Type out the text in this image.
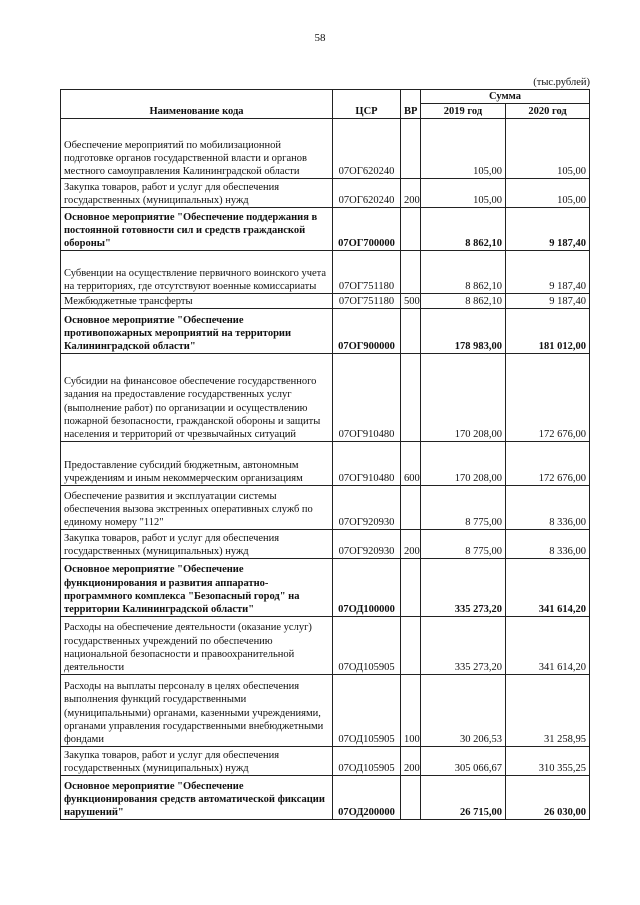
58
(тыс.рублей)
Наименование кода	ЦСР	ВР	Сумма	
			2019 год	2020 год
Обеспечение мероприятий по мобилизационной подготовке органов государственной власти и органов местного самоуправления Калининградской области	07ОГ620240		105,00	105,00
Закупка товаров, работ и услуг для обеспечения государственных (муниципальных) нужд	07ОГ620240	200	105,00	105,00
Основное мероприятие "Обеспечение поддержания в постоянной готовности сил и средств гражданской обороны"	07ОГ700000		8 862,10	9 187,40
Субвенции на осуществление первичного воинского учета на территориях, где отсутствуют военные комиссариаты	07ОГ751180		8 862,10	9 187,40
Межбюджетные трансферты	07ОГ751180	500	8 862,10	9 187,40
Основное мероприятие "Обеспечение противопожарных мероприятий на территории Калининградской области"	07ОГ900000		178 983,00	181 012,00
Субсидии на финансовое обеспечение государственного задания на предоставление государственных услуг (выполнение работ) по организации и осуществлению пожарной безопасности, гражданской обороны и защиты населения и территорий от чрезвычайных ситуаций	07ОГ910480		170 208,00	172 676,00
Предоставление субсидий бюджетным, автономным учреждениям и иным некоммерческим организациям	07ОГ910480	600	170 208,00	172 676,00
Обеспечение развития и эксплуатации системы обеспечения вызова экстренных оперативных служб по единому номеру "112"	07ОГ920930		8 775,00	8 336,00
Закупка товаров, работ и услуг для обеспечения государственных (муниципальных) нужд	07ОГ920930	200	8 775,00	8 336,00
Основное мероприятие "Обеспечение функционирования и развития аппаратно-программного комплекса "Безопасный город" на территории Калининградской области"	07ОД100000		335 273,20	341 614,20
Расходы на обеспечение деятельности (оказание услуг) государственных учреждений по обеспечению национальной безопасности и правоохранительной деятельности	07ОД105905		335 273,20	341 614,20
Расходы на выплаты персоналу в целях обеспечения выполнения функций государственными (муниципальными) органами, казенными учреждениями, органами управления государственными внебюджетными фондами	07ОД105905	100	30 206,53	31 258,95
Закупка товаров, работ и услуг для обеспечения государственных (муниципальных) нужд	07ОД105905	200	305 066,67	310 355,25
Основное мероприятие "Обеспечение функционирования средств автоматической фиксации нарушений"	07ОД200000		26 715,00	26 030,00
